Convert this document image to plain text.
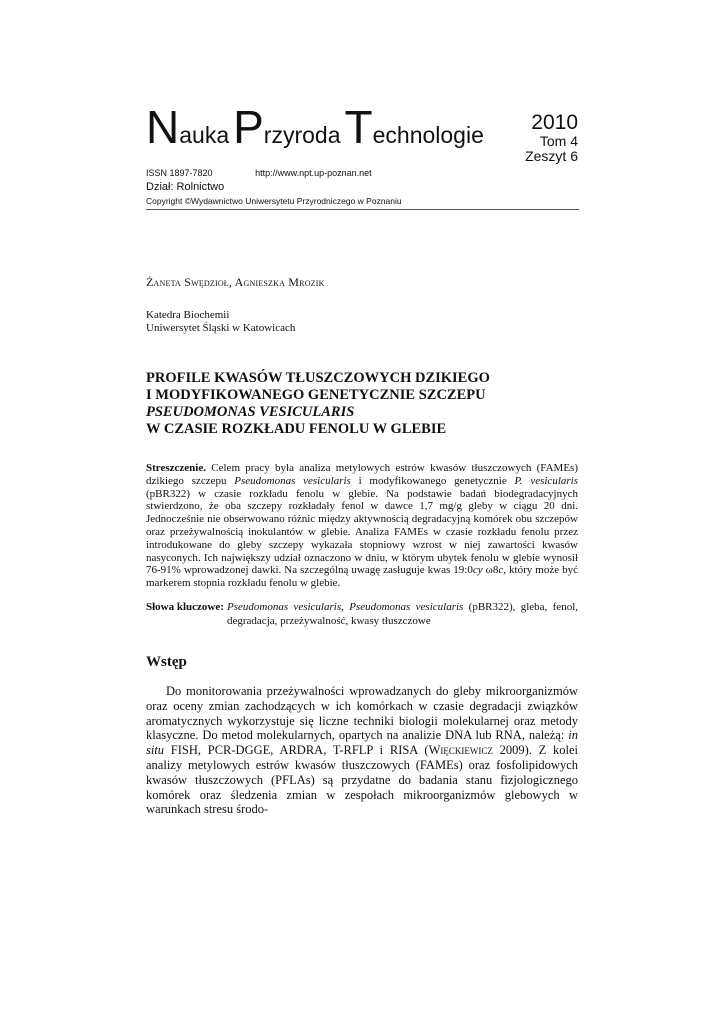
NaukaPrzyrodaTechnologie 2010
Tom 4
Zeszyt 6
ISSN 1897-7820	http://www.npt.up-poznan.net
Dział: Rolnictwo
Copyright ©Wydawnictwo Uniwersytetu Przyrodniczego w Poznaniu
Żaneta Swędzioł, Agnieszka Mrozik
Katedra Biochemii
Uniwersytet Śląski w Katowicach
PROFILE KWASÓW TŁUSZCZOWYCH DZIKIEGO
I MODYFIKOWANEGO GENETYCZNIE SZCZEPU
PSEUDOMONAS VESICULARIS
W CZASIE ROZKŁADU FENOLU W GLEBIE
Streszczenie. Celem pracy była analiza metylowych estrów kwasów tłuszczowych (FAMEs) dzikiego szczepu Pseudomonas vesicularis i modyfikowanego genetycznie P. vesicularis (pBR322) w czasie rozkładu fenolu w glebie. Na podstawie badań biodegradacyjnych stwierdzono, że oba szczepy rozkładały fenol w dawce 1,7 mg/g gleby w ciągu 20 dni. Jednocześnie nie obserwowano różnic między aktywnością degradacyjną komórek obu szczepów oraz przeżywalnością inokulantów w glebie. Analiza FAMEs w czasie rozkładu fenolu przez introdukowane do gleby szczepy wykazała stopniowy wzrost w niej zawartości kwasów nasyconych. Ich największy udział oznaczono w dniu, w którym ubytek fenolu w glebie wynosił 76-91% wprowadzonej dawki. Na szczególną uwagę zasługuje kwas 19:0cy ω8c, który może być markerem stopnia rozkładu fenolu w glebie.
Słowa kluczowe: Pseudomonas vesicularis, Pseudomonas vesicularis (pBR322), gleba, fenol, degradacja, przeżywalność, kwasy tłuszczowe
Wstęp

Do monitorowania przeżywalności wprowadzanych do gleby mikroorganizmów oraz oceny zmian zachodzących w ich komórkach w czasie degradacji związków aromatycznych wykorzystuje się liczne techniki biologii molekularnej oraz metody klasyczne. Do metod molekularnych, opartych na analizie DNA lub RNA, należą: in situ FISH, PCR-DGGE, ARDRA, T-RFLP i RISA (Więckiewicz 2009). Z kolei analizy metylowych estrów kwasów tłuszczowych (FAMEs) oraz fosfolipidowych kwasów tłuszczowych (PFLAs) są przydatne do badania stanu fizjologicznego komórek oraz śledzenia zmian w zespołach mikroorganizmów glebowych w warunkach stresu środo-
